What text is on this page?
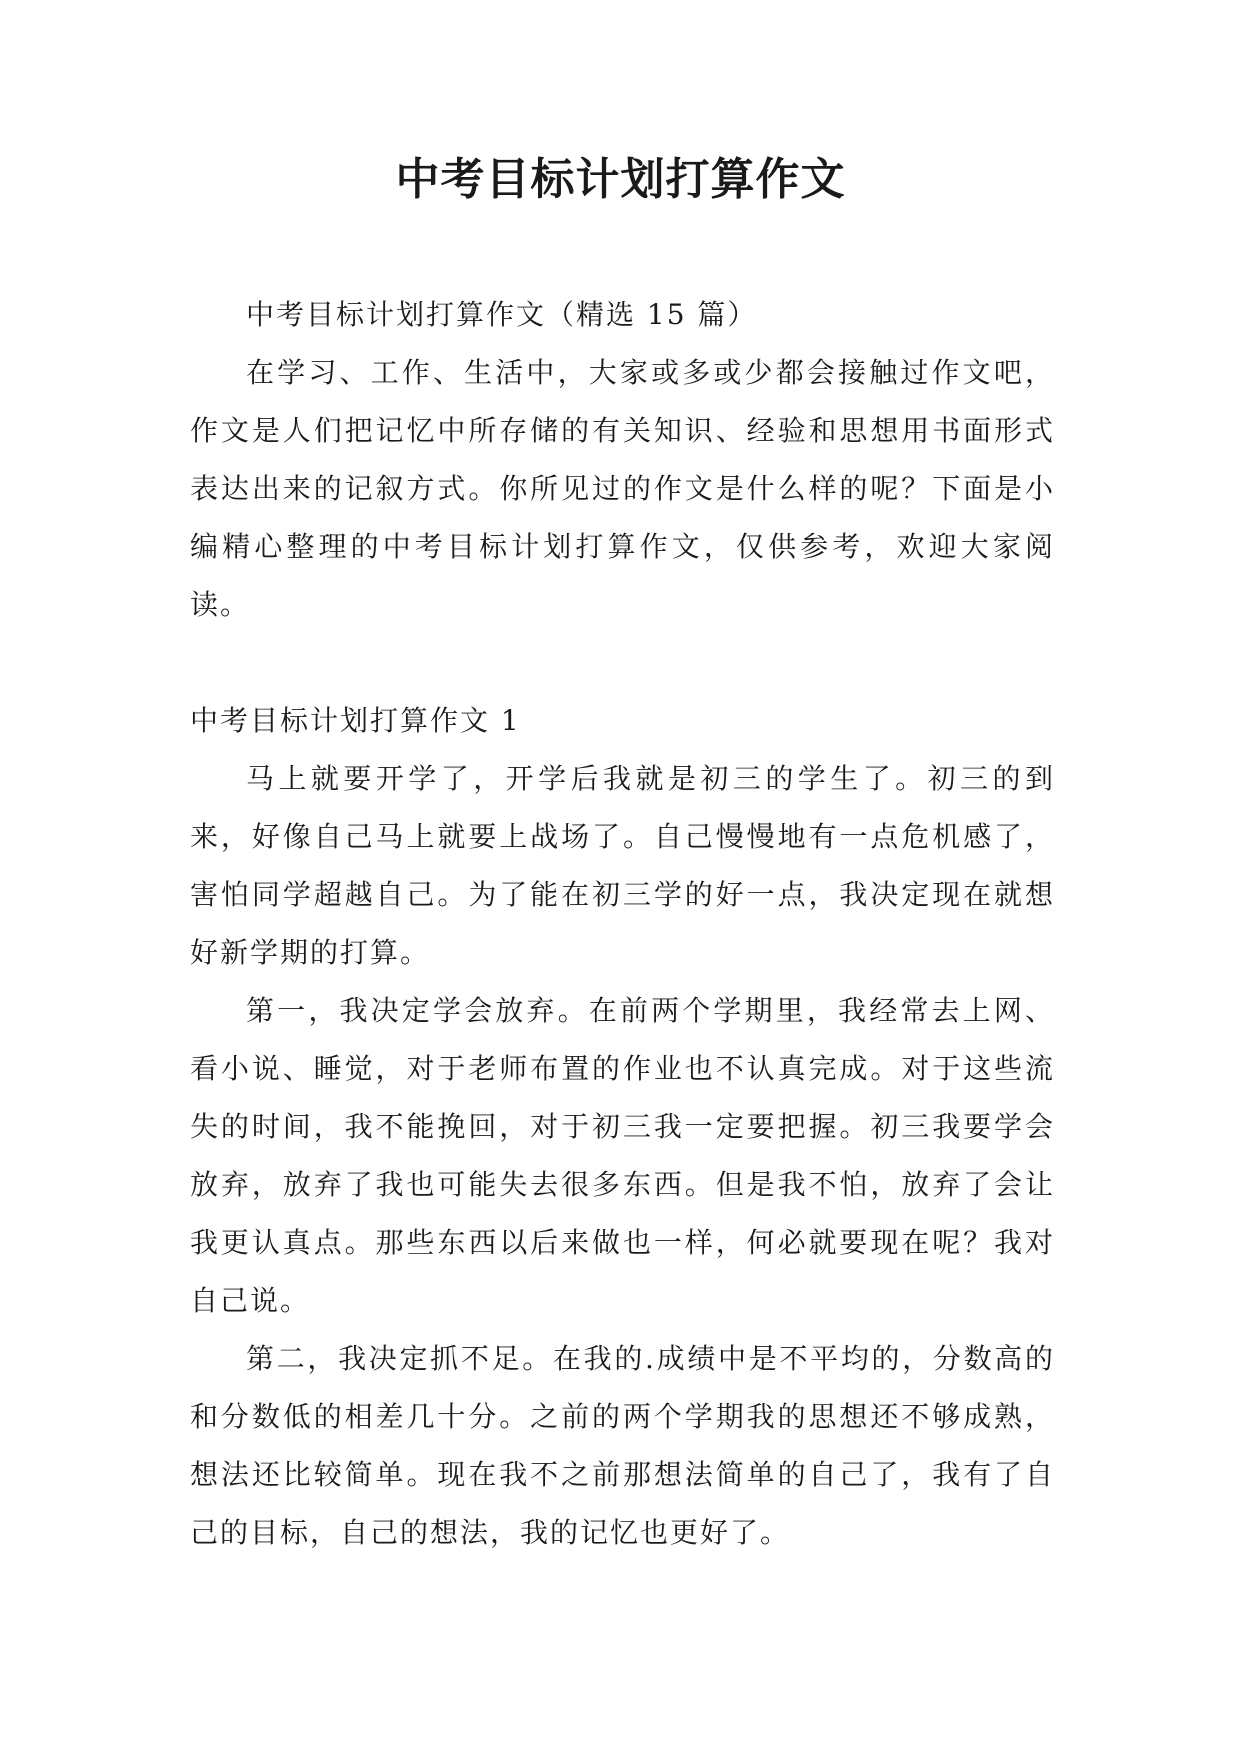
中考目标计划打算作文

中考目标计划打算作文（精选 15 篇）

在学习、工作、生活中，大家或多或少都会接触过作文吧，作文是人们把记忆中所存储的有关知识、经验和思想用书面形式表达出来的记叙方式。你所见过的作文是什么样的呢？下面是小编精心整理的中考目标计划打算作文，仅供参考，欢迎大家阅读。

中考目标计划打算作文 1

马上就要开学了，开学后我就是初三的学生了。初三的到来，好像自己马上就要上战场了。自己慢慢地有一点危机感了，害怕同学超越自己。为了能在初三学的好一点，我决定现在就想好新学期的打算。

第一，我决定学会放弃。在前两个学期里，我经常去上网、看小说、睡觉，对于老师布置的作业也不认真完成。对于这些流失的时间，我不能挽回，对于初三我一定要把握。初三我要学会放弃，放弃了我也可能失去很多东西。但是我不怕，放弃了会让我更认真点。那些东西以后来做也一样，何必就要现在呢？我对自己说。

第二，我决定抓不足。在我的.成绩中是不平均的，分数高的和分数低的相差几十分。之前的两个学期我的思想还不够成熟，想法还比较简单。现在我不之前那想法简单的自己了，我有了自己的目标，自己的想法，我的记忆也更好了。
